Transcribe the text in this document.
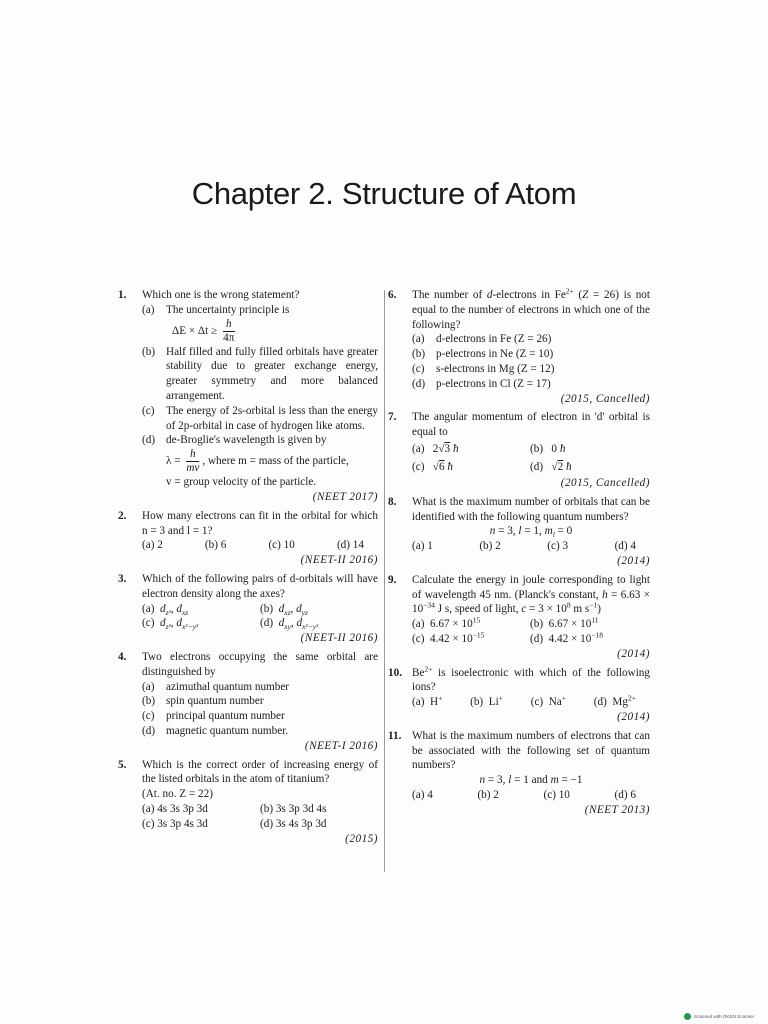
Chapter 2. Structure of Atom
1. Which one is the wrong statement?
(a) The uncertainty principle is
$\Delta E \times \Delta t \ge \frac{h}{4\pi}$
(b) Half filled and fully filled orbitals have greater stability due to greater exchange energy, greater symmetry and more balanced arrangement.
(c) The energy of 2s-orbital is less than the energy of 2p-orbital in case of hydrogen like atoms.
(d) de-Broglie's wavelength is given by
$\lambda = \frac{h}{mv}$ , where m = mass of the particle,
v = group velocity of the particle.
(NEET 2017)
2. How many electrons can fit in the orbital for which n = 3 and l = 1?
(a) 2	(b) 6	(c) 10	(d) 14
(NEET-II 2016)
3. Which of the following pairs of d-orbitals will have electron density along the axes?
(a)  $d_{z^2}$, $d_{xz}$	(b)  $d_{xz}$, $d_{yz}$
(c)  $d_{z^2}$, $d_{x^2-y^2}$	(d)  $d_{xy}$, $d_{x^2-y^2}$
(NEET-II 2016)
4. Two electrons occupying the same orbital are distinguished by
(a) azimuthal quantum number
(b) spin quantum number
(c) principal quantum number
(d) magnetic quantum number.
(NEET-I 2016)
5. Which is the correct order of increasing energy of the listed orbitals in the atom of titanium?
(At. no. Z = 22)
(a) 4s 3s 3p 3d	(b) 3s 3p 3d 4s
(c) 3s 3p 4s 3d	(d) 3s 4s 3p 3d
(2015)
6. The number of d-electrons in $Fe^{2+}$ (Z = 26) is not equal to the number of electrons in which one of the following?
(a) d-electrons in Fe (Z = 26)
(b) p-electrons in Ne (Z = 10)
(c) s-electrons in Mg (Z = 12)
(d) p-electrons in Cl (Z = 17)
(2015, Cancelled)
7. The angular momentum of electron in 'd' orbital is equal to
(a)   2√3 ħ	(b)   0 ħ
(c)   √6 ħ	(d)   √2 ħ
(2015, Cancelled)
8. What is the maximum number of orbitals that can be identified with the following quantum numbers?
n = 3, l = 1, $m_l = 0$
(a) 1	(b) 2	(c) 3	(d) 4
(2014)
9. Calculate the energy in joule corresponding to light of wavelength 45 nm. (Planck's constant, $h = 6.63 \times 10^{-34}$ J s, speed of light, $c = 3 \times 10^8$ m $s^{-1}$)
(a)  $6.67 \times 10^{15}$	(b)  $6.67 \times 10^{11}$
(c)  $4.42 \times 10^{-15}$	(d)  $4.42 \times 10^{-18}$
(2014)
10. $Be^{2+}$ is isoelectronic with which of the following ions?
(a)  H+ (b)  Li+ (c)  Na+ (d)  $Mg^{2+}$
(2014)
11. What is the maximum numbers of electrons that can be associated with the following set of quantum numbers?
n = 3, l = 1 and m = −1
(a) 4	(b) 2	(c) 10	(d) 6
(NEET 2013)
Scanned with OKEN Scanner
